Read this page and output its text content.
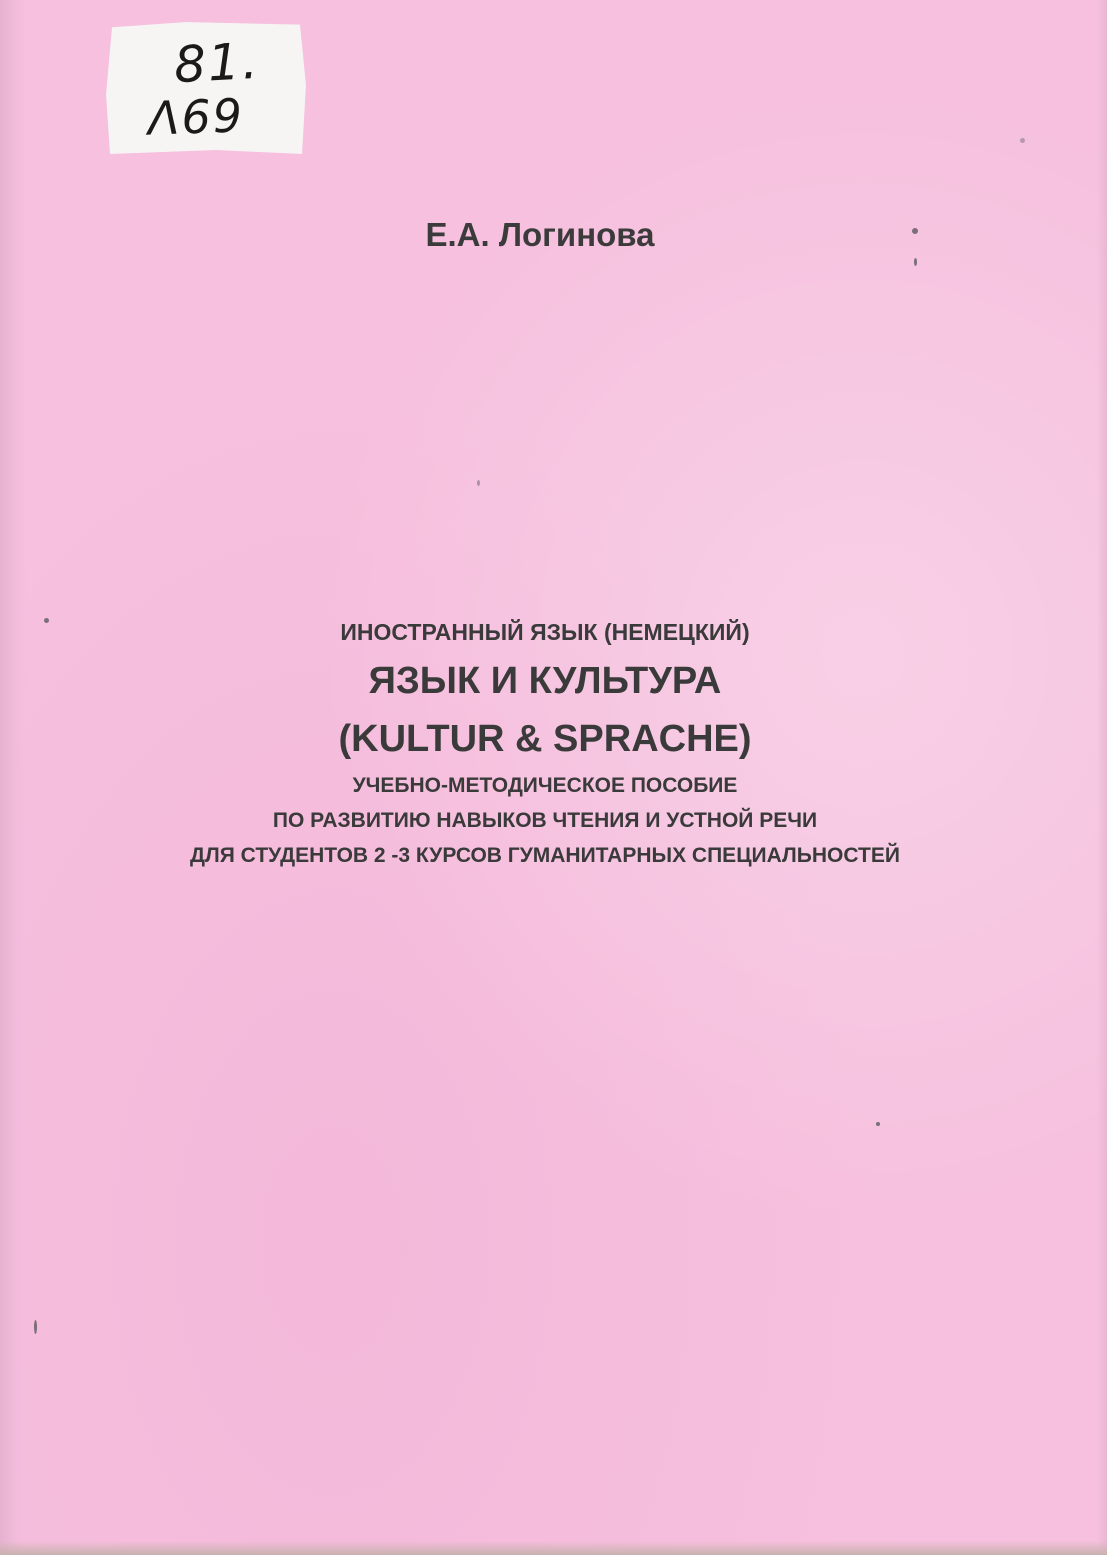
81.
Λ69
Е.А. Логинова
ИНОСТРАННЫЙ ЯЗЫК (НЕМЕЦКИЙ)
ЯЗЫК И КУЛЬТУРА
(KULTUR & SPRACHE)
УЧЕБНО-МЕТОДИЧЕСКОЕ ПОСОБИЕ
ПО РАЗВИТИЮ НАВЫКОВ ЧТЕНИЯ И УСТНОЙ РЕЧИ
ДЛЯ СТУДЕНТОВ 2 -3 КУРСОВ ГУМАНИТАРНЫХ СПЕЦИАЛЬНОСТЕЙ
